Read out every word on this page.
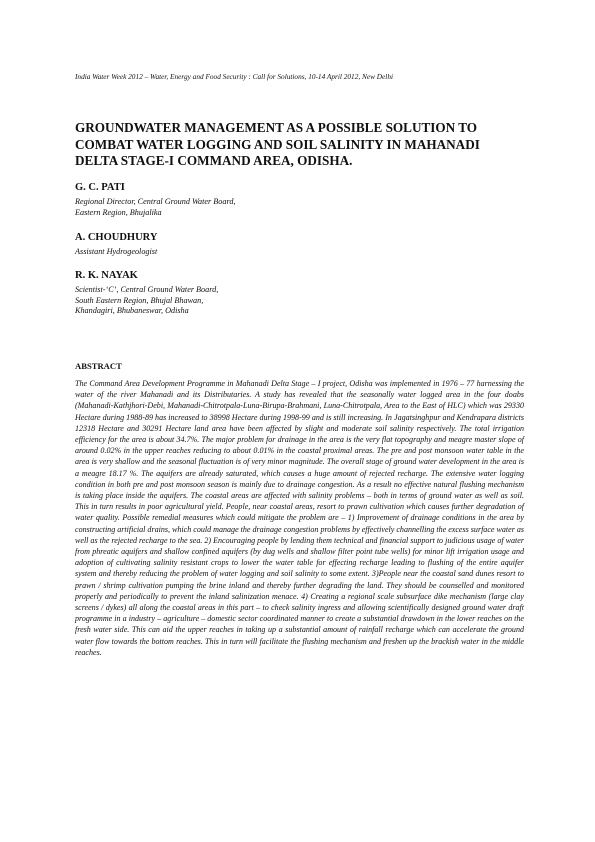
India Water Week 2012 – Water, Energy and Food Security : Call for Solutions, 10-14 April 2012, New Delhi
GROUNDWATER MANAGEMENT AS A POSSIBLE SOLUTION TO COMBAT WATER LOGGING AND SOIL SALINITY IN MAHANADI DELTA STAGE-I COMMAND AREA, ODISHA.
G. C. PATI
Regional Director, Central Ground Water Board,
Eastern Region, Bhujalika
A. CHOUDHURY
Assistant Hydrogeologist
R. K. NAYAK
Scientist-‘C’, Central Ground Water Board,
South Eastern Region, Bhujal Bhawan,
Khandagiri, Bhubaneswar, Odisha
ABSTRACT

The Command Area Development Programme in Mahanadi Delta Stage – I project, Odisha was implemented in 1976 – 77 harnessing the water of the river Mahanadi and its Distributaries. A study has revealed that the seasonally water logged area in the four doabs (Mahanadi-Kathjhori-Debi, Mahanadi-Chitrotpala-Luna-Birupa-Brahmani, Luna-Chitrotpala, Area to the East of HLC) which was 29330 Hectare during 1988-89 has increased to 38998 Hectare during 1998-99 and is still increasing. In Jagatsinghpur and Kendrapara districts 12318 Hectare and 30291 Hectare land area have been affected by slight and moderate soil salinity respectively. The total irrigation efficiency for the area is about 34.7%. The major problem for drainage in the area is the very flat topography and meagre master slope of around 0.02% in the upper reaches reducing to about 0.01% in the coastal proximal areas. The pre and post monsoon water table in the area is very shallow and the seasonal fluctuation is of very minor magnitude. The overall stage of ground water development in the area is a meagre 18.17 %. The aquifers are already saturated, which causes a huge amount of rejected recharge. The extensive water logging condition in both pre and post monsoon season is mainly due to drainage congestion. As a result no effective natural flushing mechanism is taking place inside the aquifers. The coastal areas are affected with salinity problems – both in terms of ground water as well as soil. This in turn results in poor agricultural yield. People, near coastal areas, resort to prawn cultivation which causes further degradation of water quality. Possible remedial measures which could mitigate the problem are – 1) Improvement of drainage conditions in the area by constructing artificial drains, which could manage the drainage congestion problems by effectively channelling the excess surface water as well as the rejected recharge to the sea. 2) Encouraging people by lending them technical and financial support to judicious usage of water from phreatic aquifers and shallow confined aquifers (by dug wells and shallow filter point tube wells) for minor lift irrigation usage and adoption of cultivating salinity resistant crops to lower the water table for effecting recharge leading to flushing of the entire aquifer system and thereby reducing the problem of water logging and soil salinity to some extent. 3)People near the coastal sand dunes resort to prawn / shrimp cultivation pumping the brine inland and thereby further degrading the land. They should be counselled and monitored properly and periodically to prevent the inland salinization menace. 4) Creating a regional scale subsurface dike mechanism (large clay screens / dykes) all along the coastal areas in this part – to check salinity ingress and allowing scientifically designed ground water draft programme in a industry – agriculture – domestic sector coordinated manner to create a substantial drawdown in the lower reaches on the fresh water side. This can aid the upper reaches in taking up a substantial amount of rainfall recharge which can accelerate the ground water flow towards the bottom reaches. This in turn will facilitate the flushing mechanism and freshen up the brackish water in the middle reaches.
